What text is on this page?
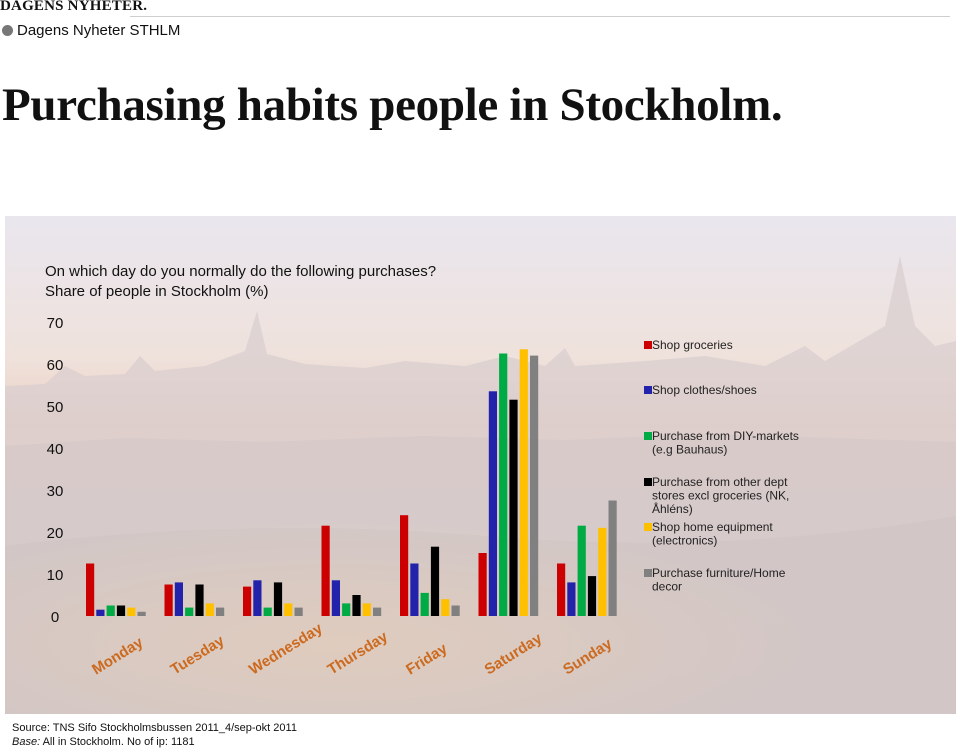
DAGENS NYHETER.
Dagens Nyheter STHLM
Purchasing habits people in Stockholm.
On which day do you normally do the following purchases?
Share of people in Stockholm (%)
70
60
50
40
30
20
10
0
Monday Tuesday Wednesday Thursday Friday Saturday Sunday
Shop groceries
Shop clothes/shoes
Purchase from DIY-markets (e.g Bauhaus)
Purchase from other dept stores excl groceries (NK, Åhléns)
Shop home equipment (electronics)
Purchase furniture/Home decor
Source: TNS Sifo Stockholmsbussen 2011_4/sep-okt 2011
Base: All in Stockholm. No of ip: 1181
